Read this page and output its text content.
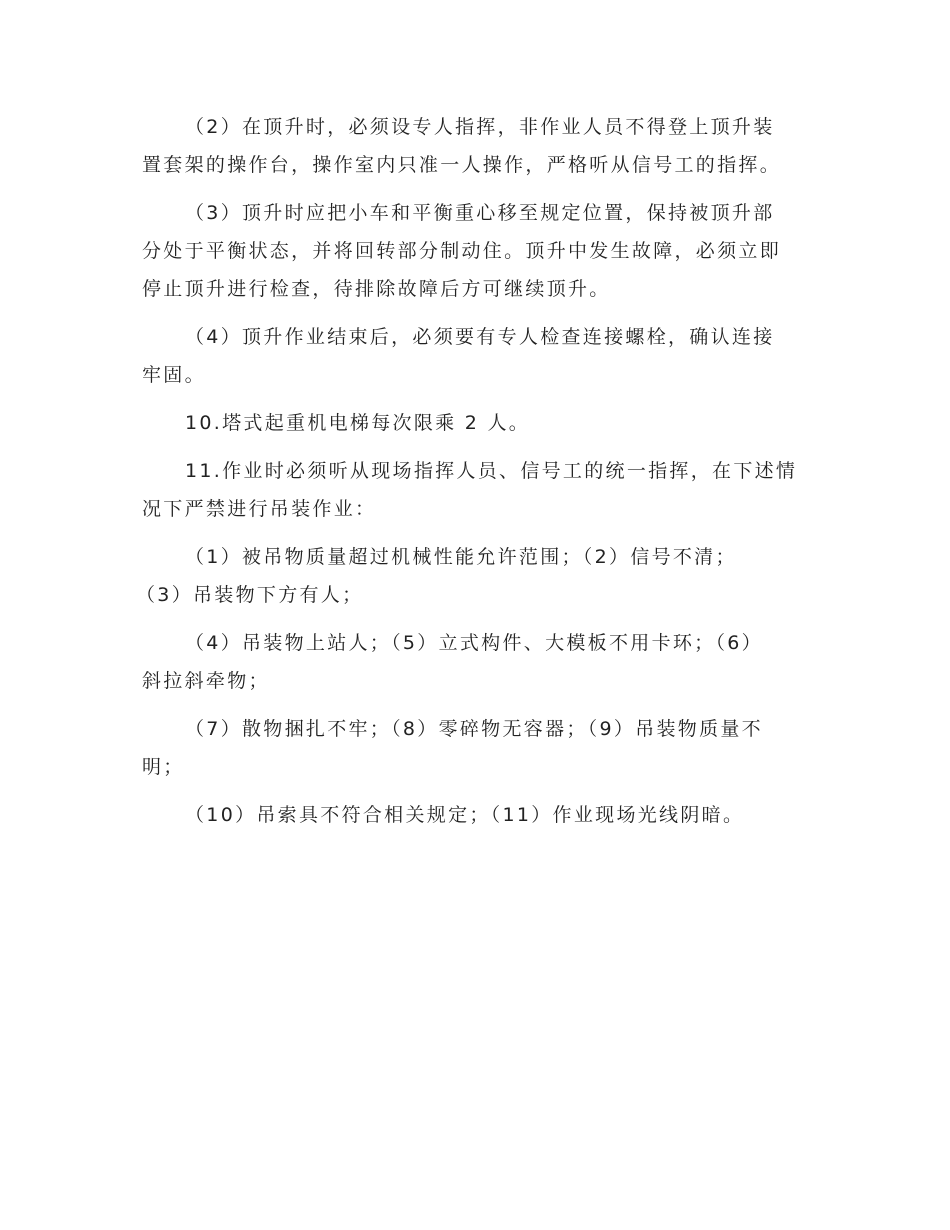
（2）在顶升时，必须设专人指挥，非作业人员不得登上顶升装
置套架的操作台，操作室内只准一人操作，严格听从信号工的指挥。

（3）顶升时应把小车和平衡重心移至规定位置，保持被顶升部
分处于平衡状态，并将回转部分制动住。顶升中发生故障，必须立即
停止顶升进行检查，待排除故障后方可继续顶升。

（4）顶升作业结束后，必须要有专人检查连接螺栓，确认连接
牢固。

10.塔式起重机电梯每次限乘 2 人。

11.作业时必须听从现场指挥人员、信号工的统一指挥，在下述情
况下严禁进行吊装作业：

（1）被吊物质量超过机械性能允许范围；（2）信号不清；
（3）吊装物下方有人；

（4）吊装物上站人；（5）立式构件、大模板不用卡环；（6）
斜拉斜牵物；

（7）散物捆扎不牢；（8）零碎物无容器；（9）吊装物质量不
明；

（10）吊索具不符合相关规定；（11）作业现场光线阴暗。
